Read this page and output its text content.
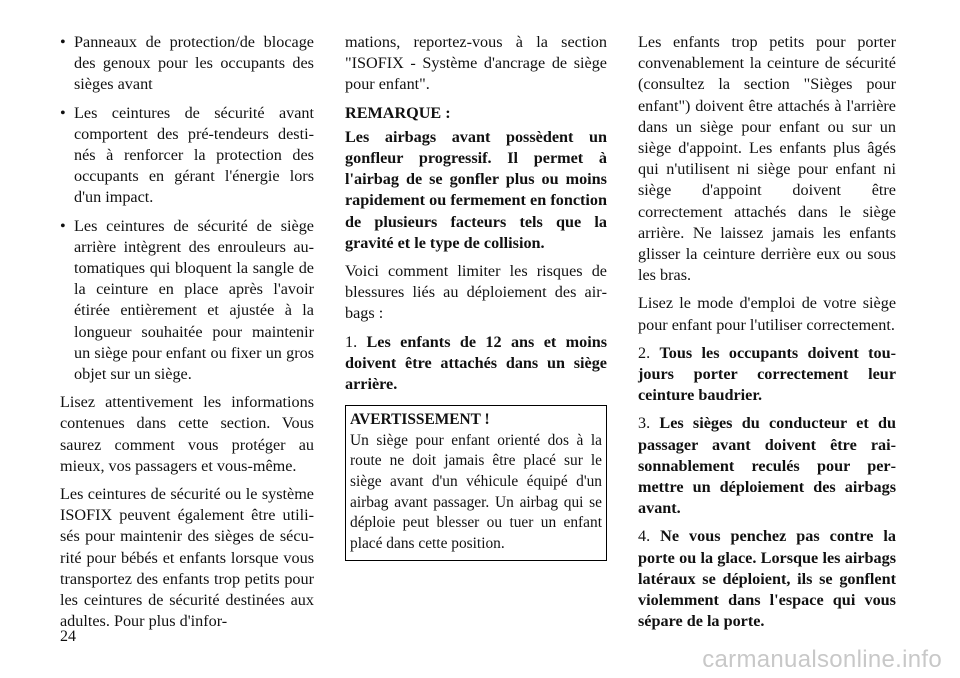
• Panneaux de protection/de blocage des genoux pour les occupants des sièges avant

• Les ceintures de sécurité avant comportent des pré-tendeurs destinés à renforcer la protection des occupants en gérant l'énergie lors d'un impact.

• Les ceintures de sécurité de siège arrière intègrent des enrouleurs automatiques qui bloquent la sangle de la ceinture en place après l'avoir étirée entièrement et ajustée à la longueur souhaitée pour maintenir un siège pour enfant ou fixer un gros objet sur un siège.

Lisez attentivement les informations contenues dans cette section. Vous saurez comment vous protéger au mieux, vos passagers et vous-même.

Les ceintures de sécurité ou le système ISOFIX peuvent également être utilisés pour maintenir des sièges de sécurité pour bébés et enfants lorsque vous transportez des enfants trop petits pour les ceintures de sécurité destinées aux adultes. Pour plus d'infor-

mations, reportez-vous à la section "ISOFIX - Système d'ancrage de siège pour enfant".

REMARQUE :

Les airbags avant possèdent un gonfleur progressif. Il permet à l'airbag de se gonfler plus ou moins rapidement ou fermement en fonction de plusieurs facteurs tels que la gravité et le type de collision.

Voici comment limiter les risques de blessures liés au déploiement des airbags :

1. Les enfants de 12 ans et moins doivent être attachés dans un siège arrière.

AVERTISSEMENT !
Un siège pour enfant orienté dos à la route ne doit jamais être placé sur le siège avant d'un véhicule équipé d'un airbag avant passager. Un airbag qui se déploie peut blesser ou tuer un enfant placé dans cette position.

Les enfants trop petits pour porter convenablement la ceinture de sécurité (consultez la section "Sièges pour enfant") doivent être attachés à l'arrière dans un siège pour enfant ou sur un siège d'appoint. Les enfants plus âgés qui n'utilisent ni siège pour enfant ni siège d'appoint doivent être correctement attachés dans le siège arrière. Ne laissez jamais les enfants glisser la ceinture derrière eux ou sous les bras.

Lisez le mode d'emploi de votre siège pour enfant pour l'utiliser correctement.

2. Tous les occupants doivent toujours porter correctement leur ceinture baudrier.

3. Les sièges du conducteur et du passager avant doivent être raisonnablement reculés pour permettre un déploiement des airbags avant.

4. Ne vous penchez pas contre la porte ou la glace. Lorsque les airbags latéraux se déploient, ils se gonflent violemment dans l'espace qui vous sépare de la porte.

24
carmanualsonline.info
